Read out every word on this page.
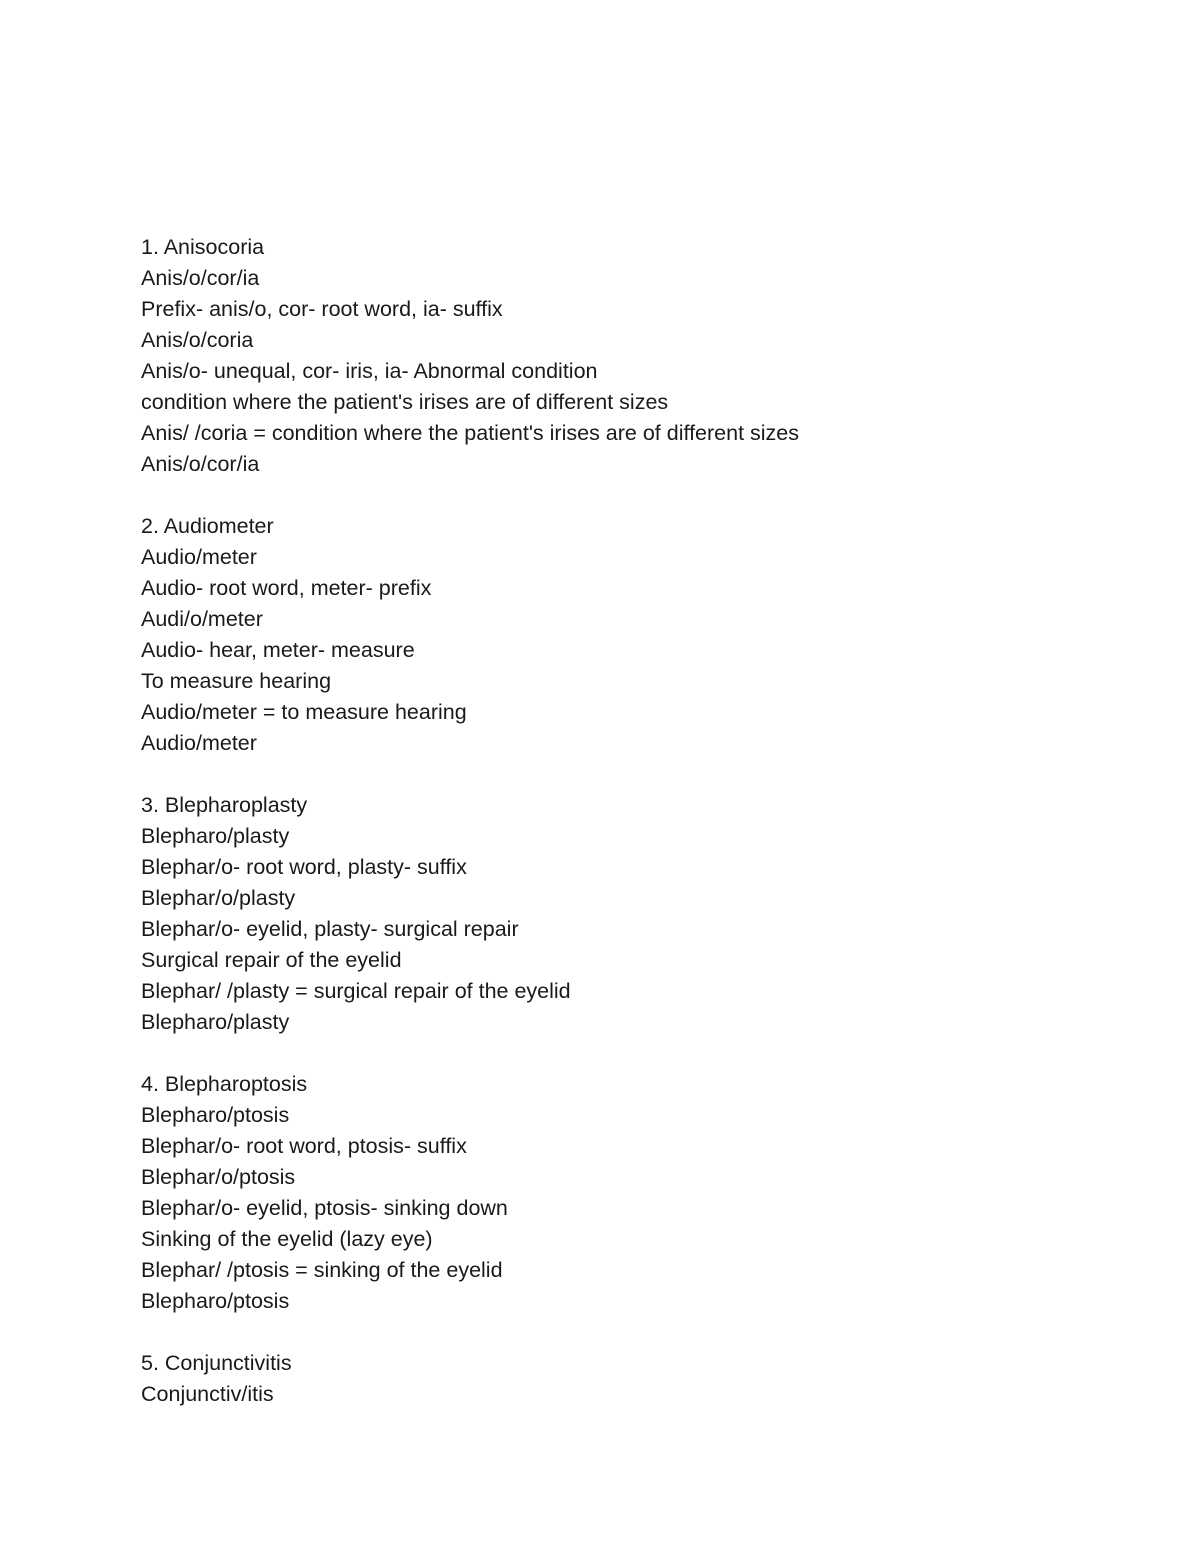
1. Anisocoria
Anis/o/cor/ia
Prefix- anis/o, cor- root word, ia- suffix
Anis/o/coria
Anis/o- unequal, cor- iris, ia- Abnormal condition
condition where the patient's irises are of different sizes
Anis/ /coria = condition where the patient's irises are of different sizes
Anis/o/cor/ia
2. Audiometer
Audio/meter
Audio- root word, meter- prefix
Audi/o/meter
Audio- hear, meter- measure
To measure hearing
Audio/meter = to measure hearing
Audio/meter
3. Blepharoplasty
Blepharo/plasty
Blephar/o- root word, plasty- suffix
Blephar/o/plasty
Blephar/o- eyelid, plasty- surgical repair
Surgical repair of the eyelid
Blephar/ /plasty = surgical repair of the eyelid
Blepharo/plasty
4. Blepharoptosis
Blepharo/ptosis
Blephar/o- root word, ptosis- suffix
Blephar/o/ptosis
Blephar/o- eyelid, ptosis- sinking down
Sinking of the eyelid (lazy eye)
Blephar/ /ptosis = sinking of the eyelid
Blepharo/ptosis
5. Conjunctivitis
Conjunctiv/itis
